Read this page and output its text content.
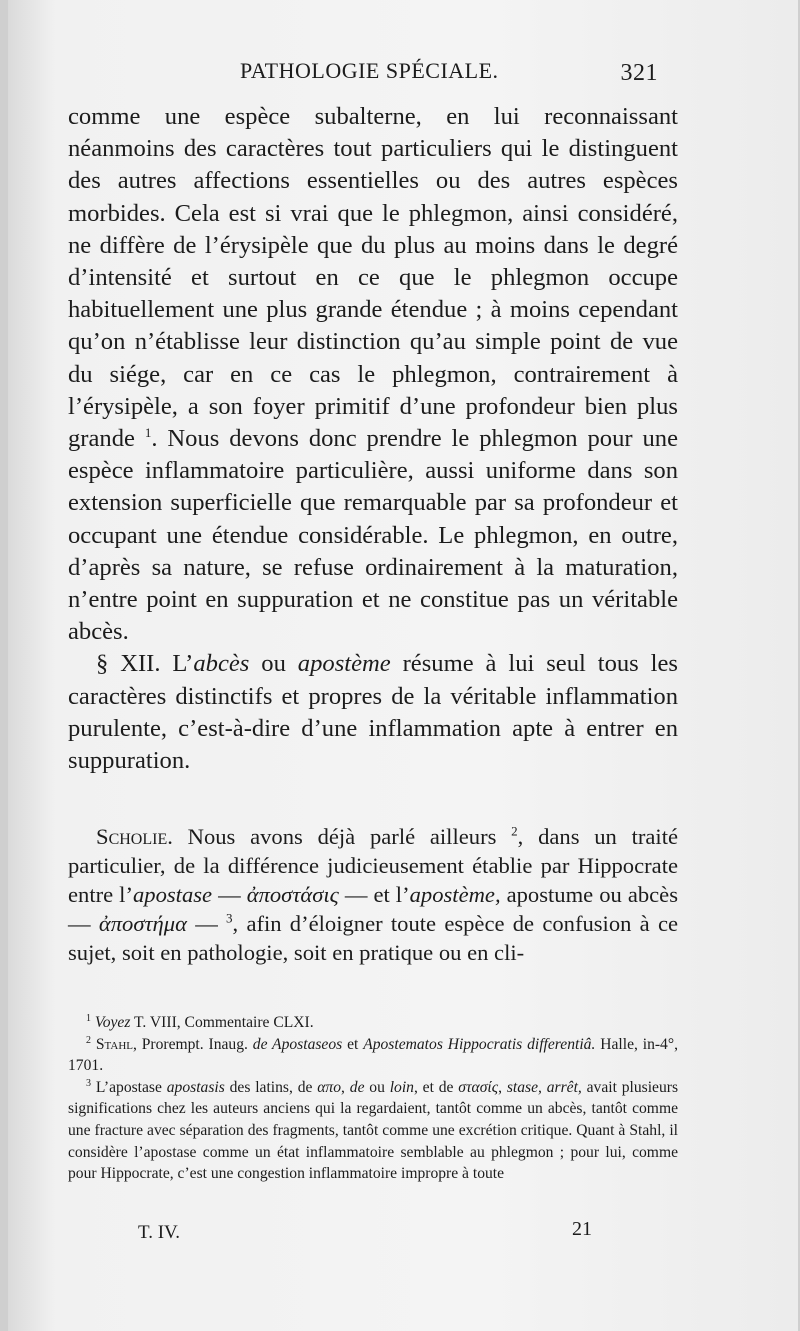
PATHOLOGIE SPÉCIALE.	321

comme une espèce subalterne, en lui reconnaissant néanmoins des caractères tout particuliers qui le distinguent des autres affections essentielles ou des autres espèces morbides. Cela est si vrai que le phlegmon, ainsi considéré, ne diffère de l’érysipèle que du plus au moins dans le degré d’intensité et surtout en ce que le phlegmon occupe habituellement une plus grande étendue ; à moins cependant qu’on n’établisse leur distinction qu’au simple point de vue du siége, car en ce cas le phlegmon, contrairement à l’érysipèle, a son foyer primitif d’une profondeur bien plus grande $^1$. Nous devons donc prendre le phlegmon pour une espèce inflammatoire particulière, aussi uniforme dans son extension superficielle que remarquable par sa profondeur et occupant une étendue considérable. Le phlegmon, en outre, d’après sa nature, se refuse ordinairement à la maturation, n’entre point en suppuration et ne constitue pas un véritable abcès.

§ XII. L’abcès ou apostème résume à lui seul tous les caractères distinctifs et propres de la véritable inflammation purulente, c’est-à-dire d’une inflammation apte à entrer en suppuration.

Scholie. Nous avons déjà parlé ailleurs $^2$, dans un traité particulier, de la différence judicieusement établie par Hippocrate entre l’apostase — ἀποστάσις — et l’apostème, apostume ou abcès — ἀποστήμα — $^3$, afin d’éloigner toute espèce de confusion à ce sujet, soit en pathologie, soit en pratique ou en cli-

$^1$ Voyez T. VIII, Commentaire CLXI.

$^2$ Stahl, Prorempt. Inaug. de Apostaseos et Apostematos Hippocratis differentiâ. Halle, in-4°, 1701.

$^3$ L’apostase apostasis des latins, de απο, de ou loin, et de στασίς, stase, arrêt, avait plusieurs significations chez les auteurs anciens qui la regardaient, tantôt comme un abcès, tantôt comme une fracture avec séparation des fragments, tantôt comme une excrétion critique. Quant à Stahl, il considère l’apostase comme un état inflammatoire semblable au phlegmon ; pour lui, comme pour Hippocrate, c’est une congestion inflammatoire impropre à toute

T. IV.	21
